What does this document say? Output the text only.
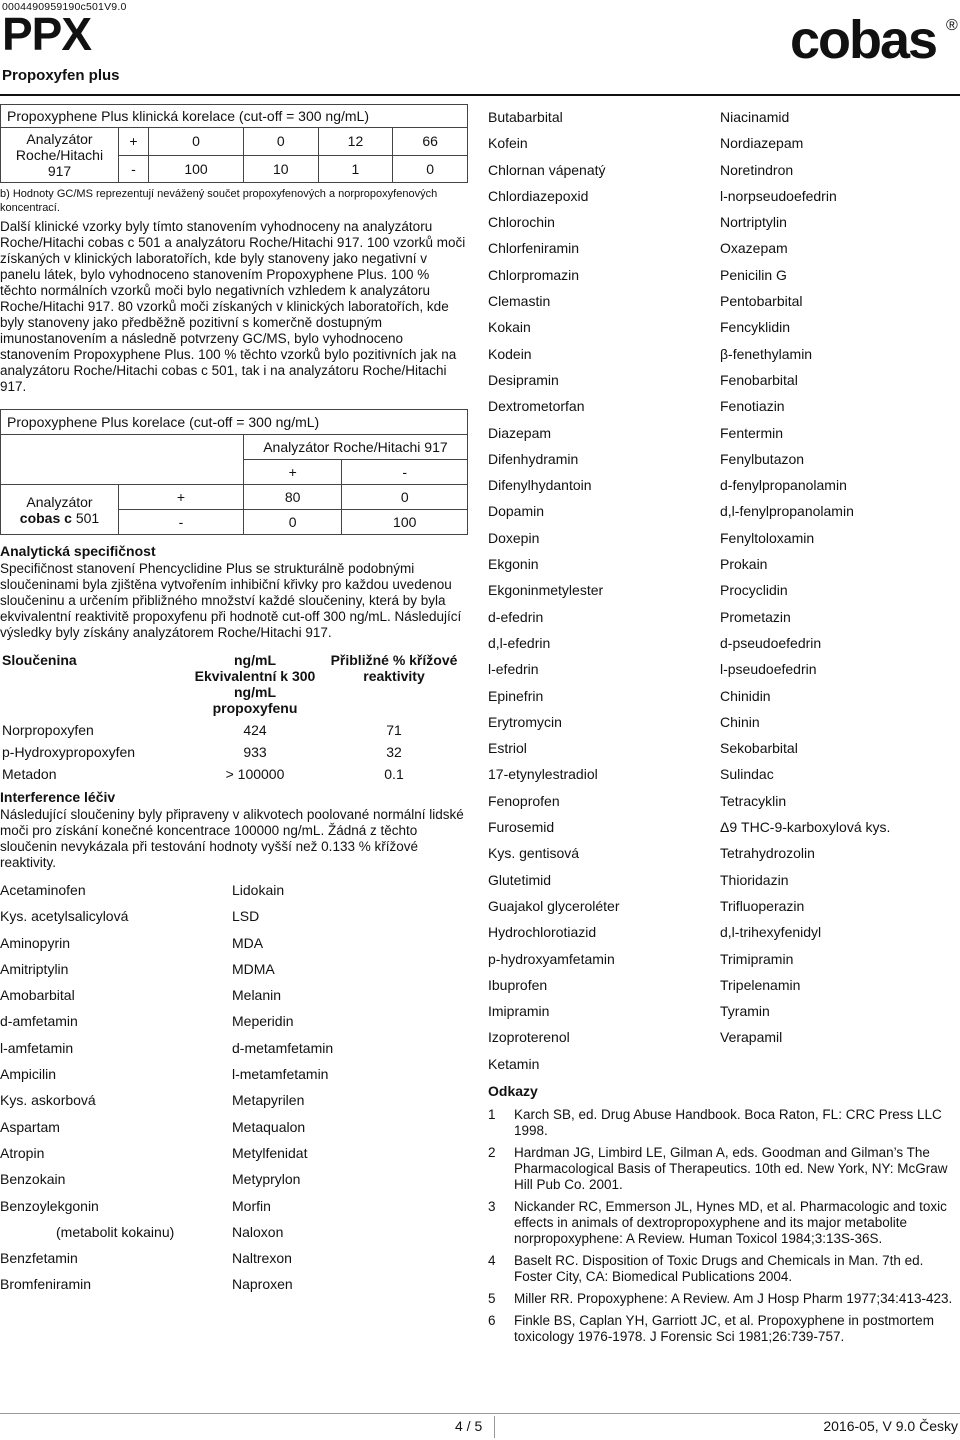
0004490959190c501V9.0
PPX
Propoxyfen plus
cobas ®
Propoxyphene Plus klinická korelace (cut-off = 300 ng/mL)					
Analyzátor Roche/Hitachi 917	+	0	0	12	66
	-	100	10	1	0
b) Hodnoty GC/MS reprezentují nevážený součet propoxyfenových a norpropoxyfenových koncentrací.
Další klinické vzorky byly tímto stanovením vyhodnoceny na analyzátoru Roche/Hitachi cobas c 501 a analyzátoru Roche/Hitachi 917. 100 vzorků moči získaných v klinických laboratořích, kde byly stanoveny jako negativní v panelu látek, bylo vyhodnoceno stanovením Propoxyphene Plus. 100 % těchto normálních vzorků moči bylo negativních vzhledem k analyzátoru Roche/Hitachi 917. 80 vzorků moči získaných v klinických laboratořích, kde byly stanoveny jako předběžně pozitivní s komerčně dostupným imunostanovením a následně potvrzeny GC/MS, bylo vyhodnoceno stanovením Propoxyphene Plus. 100 % těchto vzorků bylo pozitivních jak na analyzátoru Roche/Hitachi cobas c 501, tak i na analyzátoru Roche/Hitachi 917.
Propoxyphene Plus korelace (cut-off = 300 ng/mL)			
		Analyzátor Roche/Hitachi 917	
		+	-
Analyzátor
cobas c 501	+	80	0
	-	0	100
Analytická specifičnost
Specifičnost stanovení Phencyclidine Plus se strukturálně podobnými sloučeninami byla zjištěna vytvořením inhibiční křivky pro každou uvedenou sloučeninu a určením přibližného množství každé sloučeniny, která by byla ekvivalentní reaktivitě propoxyfenu při hodnotě cut-off 300 ng/mL. Následující výsledky byly získány analyzátorem Roche/Hitachi 917.
Sloučenina	ng/mL Ekvivalentní k 300 ng/mL propoxyfenu	Přibližné % křížové reaktivity
Norpropoxyfen	424	71
p-Hydroxypropoxyfen	933	32
Metadon	> 100000	0.1
Interference léčiv
Následující sloučeniny byly připraveny v alikvotech poolované normální lidské moči pro získání konečné koncentrace 100000 ng/mL. Žádná z těchto sloučenin nevykázala při testování hodnoty vyšší než 0.133 % křížové reaktivity.
Acetaminofen	Lidokain
Kys. acetylsalicylová	LSD
Aminopyrin	MDA
Amitriptylin	MDMA
Amobarbital	Melanin
d-amfetamin	Meperidin
l-amfetamin	d-metamfetamin
Ampicilin	l-metamfetamin
Kys. askorbová	Metapyrilen
Aspartam	Metaqualon
Atropin	Metylfenidat
Benzokain	Metyprylon
Benzoylekgonin	Morfin
(metabolit kokainu)	Naloxon
Benzfetamin	Naltrexon
Bromfeniramin	Naproxen
Butabarbital	Niacinamid
Kofein	Nordiazepam
Chlornan vápenatý	Noretindron
Chlordiazepoxid	l-norpseudoefedrin
Chlorochin	Nortriptylin
Chlorfeniramin	Oxazepam
Chlorpromazin	Penicilin G
Clemastin	Pentobarbital
Kokain	Fencyklidin
Kodein	β-fenethylamin
Desipramin	Fenobarbital
Dextrometorfan	Fenotiazin
Diazepam	Fentermin
Difenhydramin	Fenylbutazon
Difenylhydantoin	d-fenylpropanolamin
Dopamin	d,l-fenylpropanolamin
Doxepin	Fenyltoloxamin
Ekgonin	Prokain
Ekgoninmetylester	Procyclidin
d-efedrin	Prometazin
d,l-efedrin	d-pseudoefedrin
l-efedrin	l-pseudoefedrin
Epinefrin	Chinidin
Erytromycin	Chinin
Estriol	Sekobarbital
17-etynylestradiol	Sulindac
Fenoprofen	Tetracyklin
Furosemid	Δ9 THC-9-karboxylová kys.
Kys. gentisová	Tetrahydrozolin
Glutetimid	Thioridazin
Guajakol glyceroléter	Trifluoperazin
Hydrochlorotiazid	d,l-trihexyfenidyl
p-hydroxyamfetamin	Trimipramin
Ibuprofen	Tripelenamin
Imipramin	Tyramin
Izoproterenol	Verapamil
Ketamin
Odkazy
1	Karch SB, ed. Drug Abuse Handbook. Boca Raton, FL: CRC Press LLC 1998.
2	Hardman JG, Limbird LE, Gilman A, eds. Goodman and Gilman’s The Pharmacological Basis of Therapeutics. 10th ed. New York, NY: McGraw Hill Pub Co. 2001.
3	Nickander RC, Emmerson JL, Hynes MD, et al. Pharmacologic and toxic effects in animals of dextropropoxyphene and its major metabolite norpropoxyphene: A Review. Human Toxicol 1984;3:13S-36S.
4	Baselt RC. Disposition of Toxic Drugs and Chemicals in Man. 7th ed. Foster City, CA: Biomedical Publications 2004.
5	Miller RR. Propoxyphene: A Review. Am J Hosp Pharm 1977;34:413-423.
6	Finkle BS, Caplan YH, Garriott JC, et al. Propoxyphene in postmortem toxicology 1976-1978. J Forensic Sci 1981;26:739-757.
4 / 5	2016-05, V 9.0 Česky
